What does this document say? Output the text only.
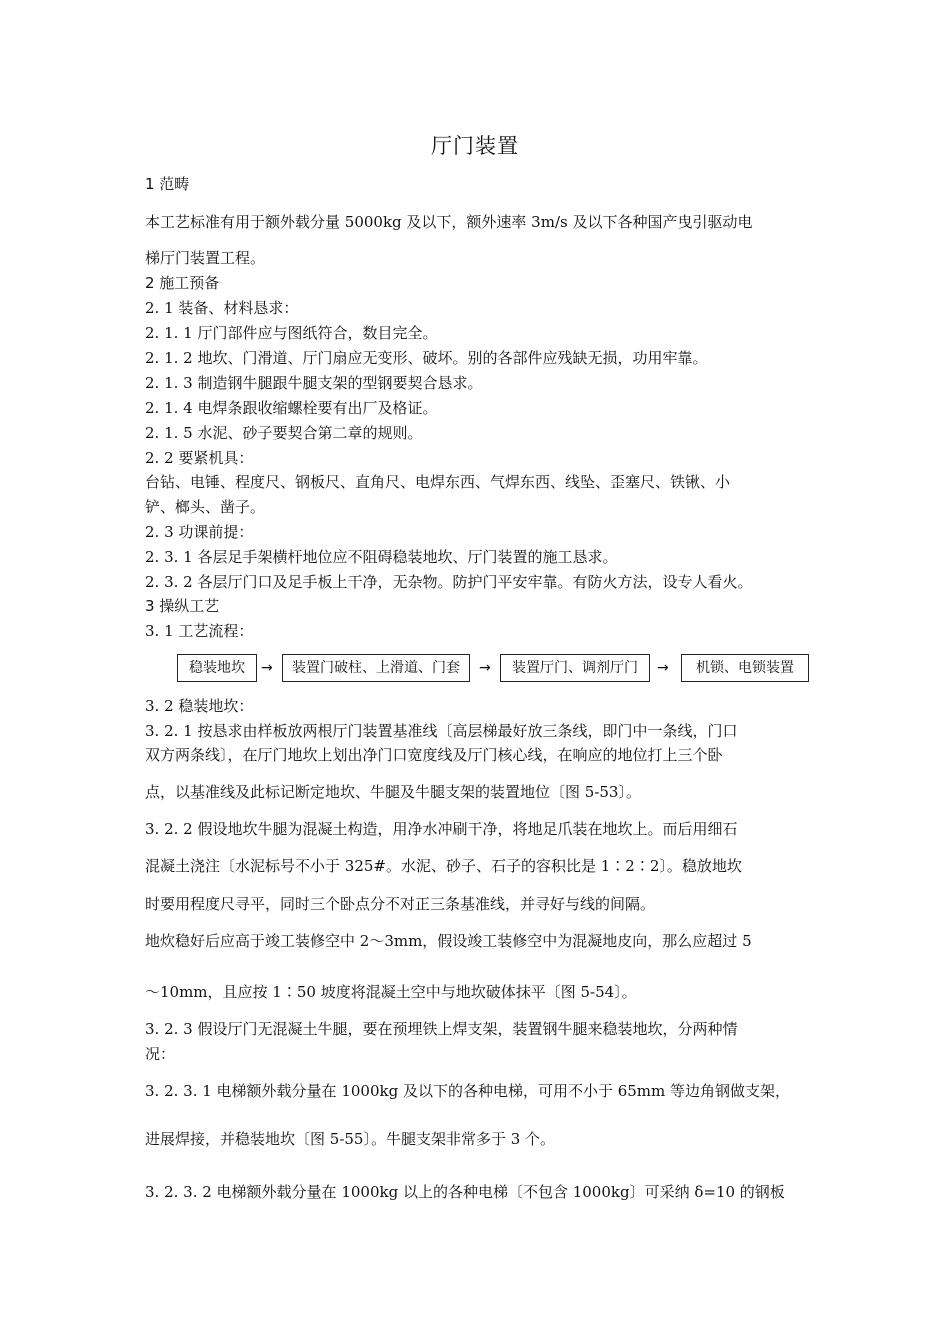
厅门装置
1 范畴
本工艺标准有用于额外载分量 5000kg 及以下，额外速率 3m/s 及以下各种国产曳引驱动电
梯厅门装置工程。
2 施工预备
2. 1 装备、材料恳求：
2. 1. 1 厅门部件应与图纸符合，数目完全。
2. 1. 2 地坎、门滑道、厅门扇应无变形、破坏。别的各部件应残缺无损，功用牢靠。
2. 1. 3 制造钢牛腿跟牛腿支架的型钢要契合恳求。
2. 1. 4 电焊条跟收缩螺栓要有出厂及格证。
2. 1. 5 水泥、砂子要契合第二章的规则。
2. 2 要紧机具：
台钻、电锤、程度尺、钢板尺、直角尺、电焊东西、气焊东西、线坠、歪塞尺、铁锹、小
铲、榔头、凿子。
2. 3 功课前提：
2. 3. 1 各层足手架横杆地位应不阻碍稳装地坎、厅门装置的施工恳求。
2. 3. 2 各层厅门口及足手板上干净，无杂物。防护门平安牢靠。有防火方法，设专人看火。
3 操纵工艺
3. 1 工艺流程：
稳装地坎	→	装置门破柱、上滑道、门套	→	装置厅门、调剂厅门	→	机锁、电锁装置
3. 2 稳装地坎：
3. 2. 1 按恳求由样板放两根厅门装置基准线〔高层梯最好放三条线，即门中一条线，门口
双方两条线〕，在厅门地坎上划出净门口宽度线及厅门核心线，在响应的地位打上三个卧
点，以基准线及此标记断定地坎、牛腿及牛腿支架的装置地位〔图 5-53〕。
3. 2. 2 假设地坎牛腿为混凝土构造，用净水冲刷干净，将地足爪装在地坎上。而后用细石
混凝土浇注〔水泥标号不小于 325#。水泥、砂子、石子的容积比是 1∶2∶2〕。稳放地坎
时要用程度尺寻平，同时三个卧点分不对正三条基准线，并寻好与线的间隔。
地炊稳好后应高于竣工装修空中 2～3mm，假设竣工装修空中为混凝地皮向，那么应超过 5
～10mm，且应按 1∶50 坡度将混凝土空中与地坎破体抹平〔图 5-54〕。
3. 2. 3 假设厅门无混凝土牛腿，要在预埋铁上焊支架，装置钢牛腿来稳装地坎，分两种情
况：
3. 2. 3. 1 电梯额外载分量在 1000kg 及以下的各种电梯，可用不小于 65mm 等边角钢做支架，
进展焊接，并稳装地坎〔图 5-55〕。牛腿支架非常多于 3 个。
3. 2. 3. 2 电梯额外载分量在 1000kg 以上的各种电梯〔不包含 1000kg〕可采纳 δ=10 的钢板
